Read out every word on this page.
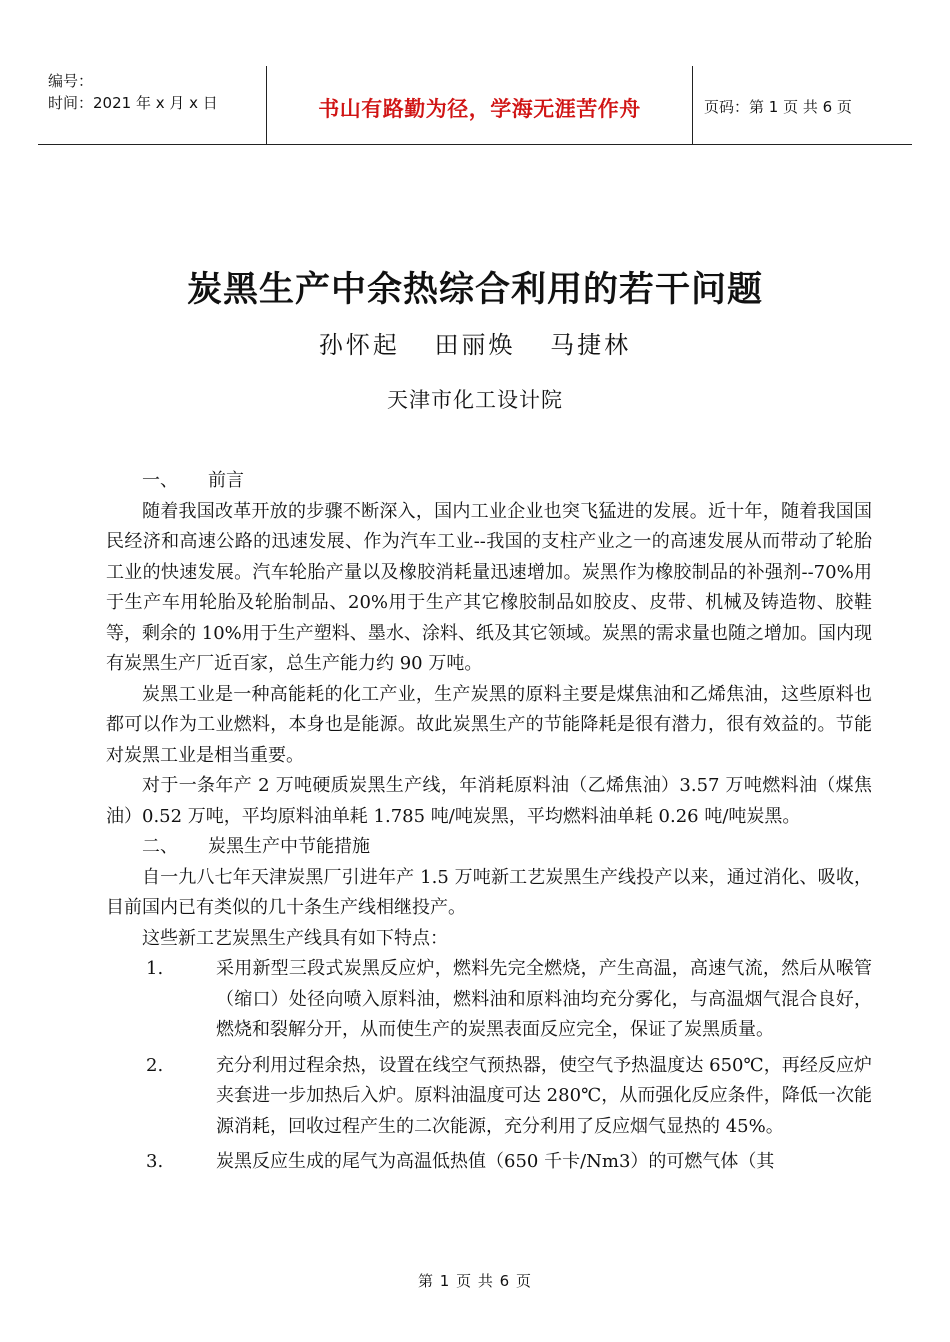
编号：
时间：2021 年 x 月 x 日	书山有路勤为径，学海无涯苦作舟	页码：第 1 页 共 6 页
炭黑生产中余热综合利用的若干问题
孙怀起 田丽焕 马捷林
天津市化工设计院
一、 前言

随着我国改革开放的步骤不断深入，国内工业企业也突飞猛进的发展。近十年，随着我国国民经济和高速公路的迅速发展、作为汽车工业--我国的支柱产业之一的高速发展从而带动了轮胎工业的快速发展。汽车轮胎产量以及橡胶消耗量迅速增加。炭黑作为橡胶制品的补强剂--70%用于生产车用轮胎及轮胎制品、20%用于生产其它橡胶制品如胶皮、皮带、机械及铸造物、胶鞋等，剩余的 10%用于生产塑料、墨水、涂料、纸及其它领域。炭黑的需求量也随之增加。国内现有炭黑生产厂近百家，总生产能力约 90 万吨。

炭黑工业是一种高能耗的化工产业，生产炭黑的原料主要是煤焦油和乙烯焦油，这些原料也都可以作为工业燃料，本身也是能源。故此炭黑生产的节能降耗是很有潜力，很有效益的。节能对炭黑工业是相当重要。

对于一条年产 2 万吨硬质炭黑生产线，年消耗原料油（乙烯焦油）3.57 万吨燃料油（煤焦油）0.52 万吨，平均原料油单耗 1.785 吨/吨炭黑，平均燃料油单耗 0.26 吨/吨炭黑。

二、 炭黑生产中节能措施

自一九八七年天津炭黑厂引进年产 1.5 万吨新工艺炭黑生产线投产以来，通过消化、吸收，目前国内已有类似的几十条生产线相继投产。

这些新工艺炭黑生产线具有如下特点：

1.	采用新型三段式炭黑反应炉，燃料先完全燃烧，产生高温，高速气流，然后从喉管（缩口）处径向喷入原料油，燃料油和原料油均充分雾化，与高温烟气混合良好，燃烧和裂解分开，从而使生产的炭黑表面反应完全，保证了炭黑质量。
2.	充分利用过程余热，设置在线空气预热器，使空气予热温度达 650℃，再经反应炉夹套进一步加热后入炉。原料油温度可达 280℃，从而强化反应条件，降低一次能源消耗，回收过程产生的二次能源，充分利用了反应烟气显热的 45%。
3.	炭黑反应生成的尾气为高温低热值（650 千卡/Nm3）的可燃气体（其
第 1 页 共 6 页
